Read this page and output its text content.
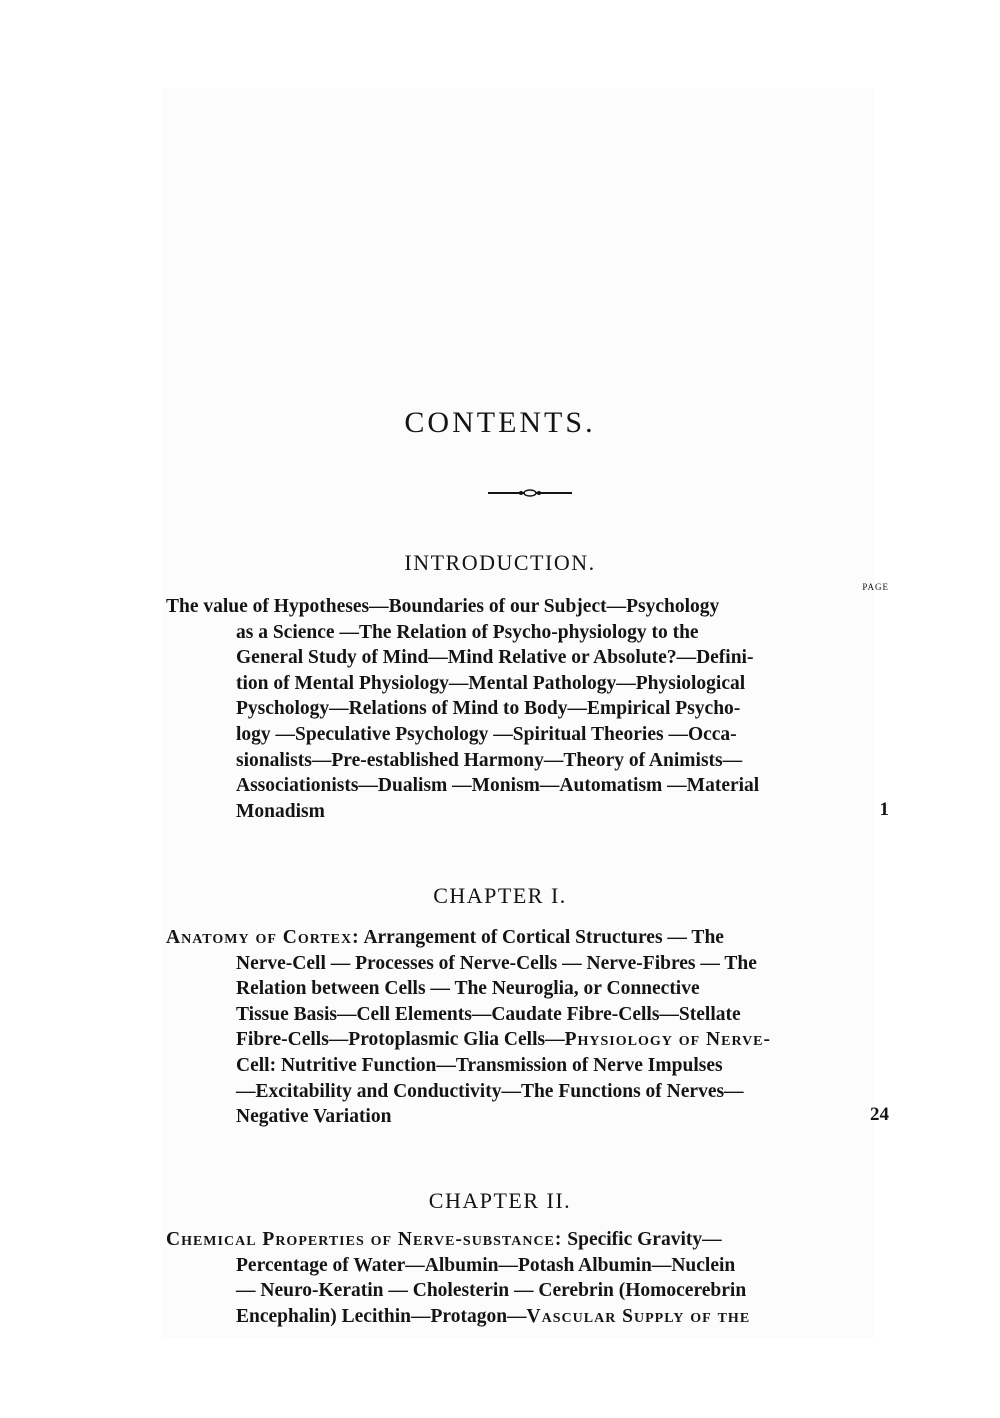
CONTENTS.
INTRODUCTION.
PAGE
The value of Hypotheses—Boundaries of our Subject—Psychology
as a Science —The Relation of Psycho-physiology to the
General Study of Mind—Mind Relative or Absolute?—Defini-
tion of Mental Physiology—Mental Pathology—Physiological
Pyschology—Relations of Mind to Body—Empirical Psycho-
logy —Speculative Psychology —Spiritual Theories —Occa-
sionalists—Pre-established Harmony—Theory of Animists—
Associationists—Dualism —Monism—Automatism —Material
Monadism	1
CHAPTER I.
Anatomy of Cortex: Arrangement of Cortical Structures — The
Nerve-Cell — Processes of Nerve-Cells — Nerve-Fibres — The
Relation between Cells — The Neuroglia, or Connective
Tissue Basis—Cell Elements—Caudate Fibre-Cells—Stellate
Fibre-Cells—Protoplasmic Glia Cells—Physiology of Nerve-
Cell: Nutritive Function—Transmission of Nerve Impulses
—Excitability and Conductivity—The Functions of Nerves—
Negative Variation	24
CHAPTER II.
Chemical Properties of Nerve-substance: Specific Gravity—
Percentage of Water—Albumin—Potash Albumin—Nuclein
— Neuro-Keratin — Cholesterin — Cerebrin (Homocerebrin
Encephalin) Lecithin—Protagon—Vascular Supply of the
